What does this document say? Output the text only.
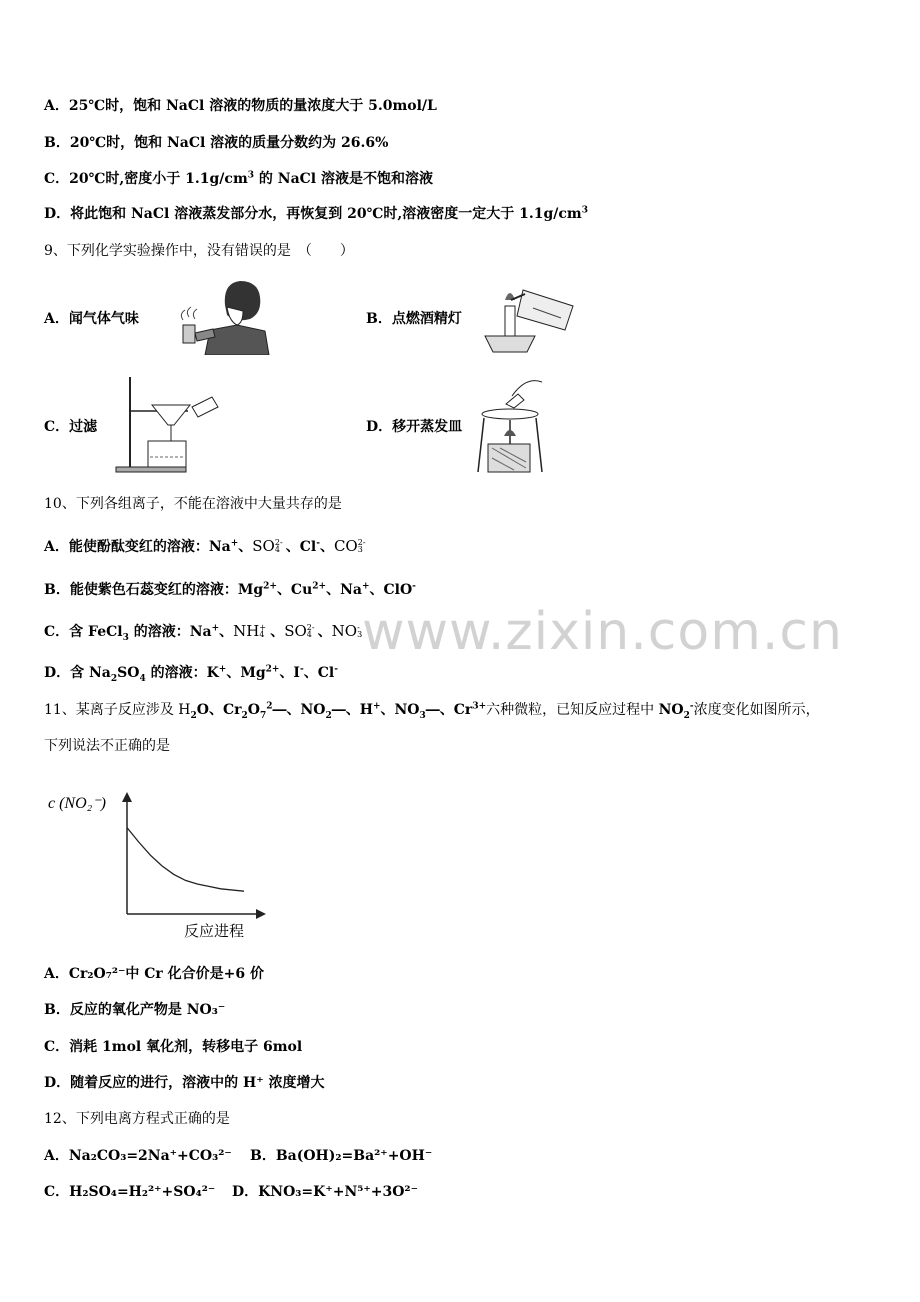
A．25℃时，饱和 NaCl 溶液的物质的量浓度大于 5.0mol/L
B．20℃时，饱和 NaCl 溶液的质量分数约为 26.6%
C．20℃时,密度小于 $1.1g/cm^3$ 的 NaCl 溶液是不饱和溶液
D．将此饱和 NaCl 溶液蒸发部分水，再恢复到 20℃时,溶液密度一定大于 $1.1g/cm^3$
9、下列化学实验操作中，没有错误的是　（　　）
A．闻气体气味	B．点燃酒精灯
C．过滤	D．移开蒸发皿
10、下列各组离子，不能在溶液中大量共存的是
A．能使酚酞变红的溶液：Na+、SO 2-
4 、Cl-、CO 2-
3
B．能使紫色石蕊变红的溶液：$Mg^{2+}$、$Cu^{2+}$、Na+、ClO-
C．含 FeCl$_3$ 的溶液：Na+、NH +
4 、SO 2-
4 、NO -
3
D．含 $Na_2SO_4$ 的溶液：K+、$Mg^{2+}$、I-、Cl-
www.zixin.com.cn
11、某离子反应涉及 $H_2O$、$Cr_2O_7^2―$、$NO_2―$、H+、$NO_3―$、$Cr^{3+}$六种微粒，已知反应过程中 $NO_2^-$浓度变化如图所示，
下列说法不正确的是
c (NO₂⁻)
反应进程
A．Cr₂O₇²⁻中 Cr 化合价是+6 价
B．反应的氧化产物是 NO₃⁻
C．消耗 1mol 氧化剂，转移电子 6mol
D．随着反应的进行，溶液中的 H⁺ 浓度增大
12、下列电离方程式正确的是
A．Na₂CO₃=2Na⁺+CO₃²⁻ B．Ba(OH)₂=Ba²⁺+OH⁻
C．H₂SO₄=H₂²⁺+SO₄²⁻ D．KNO₃=K⁺+N⁵⁺+3O²⁻
